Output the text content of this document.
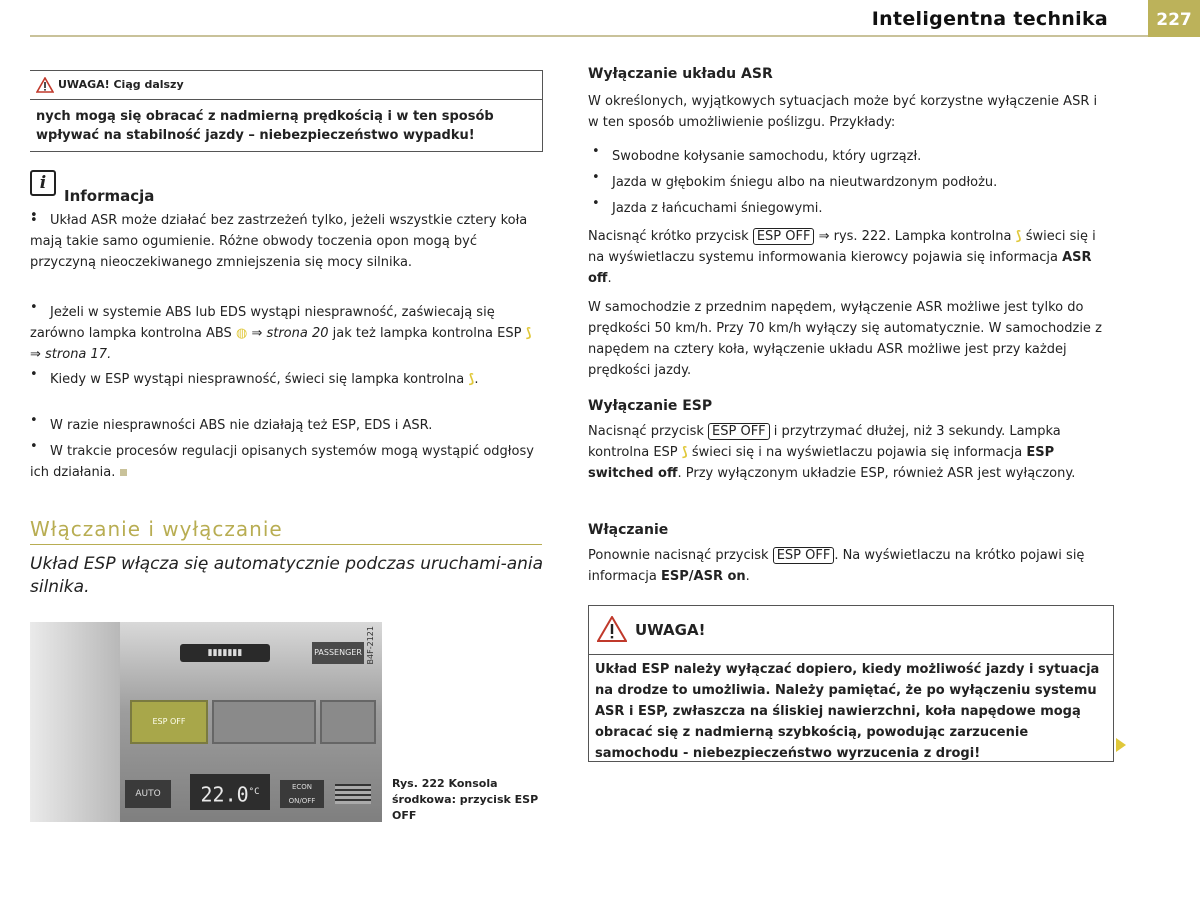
Inteligentna technika	227
UWAGA! Ciąg dalszy
nych mogą się obracać z nadmierną prędkością i w ten sposób wpływać na stabilność jazdy – niebezpieczeństwo wypadku!
i
Informacja
• Układ ASR może działać bez zastrzeżeń tylko, jeżeli wszystkie cztery koła mają takie samo ogumienie. Różne obwody toczenia opon mogą być przyczyną nieoczekiwanego zmniejszenia się mocy silnika.
Jeżeli w systemie ABS lub EDS wystąpi niesprawność, zaświecają się zarówno lampka kontrolna ABS ◍ ⇒ strona 20 jak też lampka kontrolna ESP ⟆ ⇒ strona 17.
Kiedy w ESP wystąpi niesprawność, świeci się lampka kontrolna ⟆.
W razie niesprawności ABS nie działają też ESP, EDS i ASR.
W trakcie procesów regulacji opisanych systemów mogą wystąpić odgłosy ich działania.
•
•
•
•
•
Włączanie i wyłączanie
Układ ESP włącza się automatycznie podczas uruchami-ania silnika.
▮▮▮▮▮▮▮	PASSENGER
ESP OFF
AUTO	$22.0^{^\circ C}$	ECON ON/OFF
B4F-2121
Rys. 222 Konsola środkowa: przycisk ESP OFF
Wyłączanie układu ASR
W określonych, wyjątkowych sytuacjach może być korzystne wyłączenie ASR i w ten sposób umożliwienie poślizgu. Przykłady:
• Swobodne kołysanie samochodu, który ugrzązł.
• Jazda w głębokim śniegu albo na nieutwardzonym podłożu.
• Jazda z łańcuchami śniegowymi.
Nacisnąć krótko przycisk ESP OFF ⇒ rys. 222. Lampka kontrolna ⟆ świeci się i na wyświetlaczu systemu informowania kierowcy pojawia się informacja ASR off.
W samochodzie z przednim napędem, wyłączenie ASR możliwe jest tylko do prędkości 50 km/h. Przy 70 km/h wyłączy się automatycznie. W samochodzie z napędem na cztery koła, wyłączenie układu ASR możliwe jest przy każdej prędkości jazdy.
Wyłączanie ESP
Nacisnąć przycisk ESP OFF i przytrzymać dłużej, niż 3 sekundy. Lampka kontrolna ESP ⟆ świeci się i na wyświetlaczu pojawia się informacja ESP switched off. Przy wyłączonym układzie ESP, również ASR jest wyłączony.
Włączanie
Ponownie nacisnąć przycisk ESP OFF . Na wyświetlaczu na krótko pojawi się informacja ESP/ASR on.
UWAGA!
Układ ESP należy wyłączać dopiero, kiedy możliwość jazdy i sytuacja na drodze to umożliwia. Należy pamiętać, że po wyłączeniu systemu ASR i ESP, zwłaszcza na śliskiej nawierzchni, koła napędowe mogą obracać się z nadmierną szybkością, powodując zarzucenie samochodu - niebezpieczeństwo wyrzucenia z drogi!
